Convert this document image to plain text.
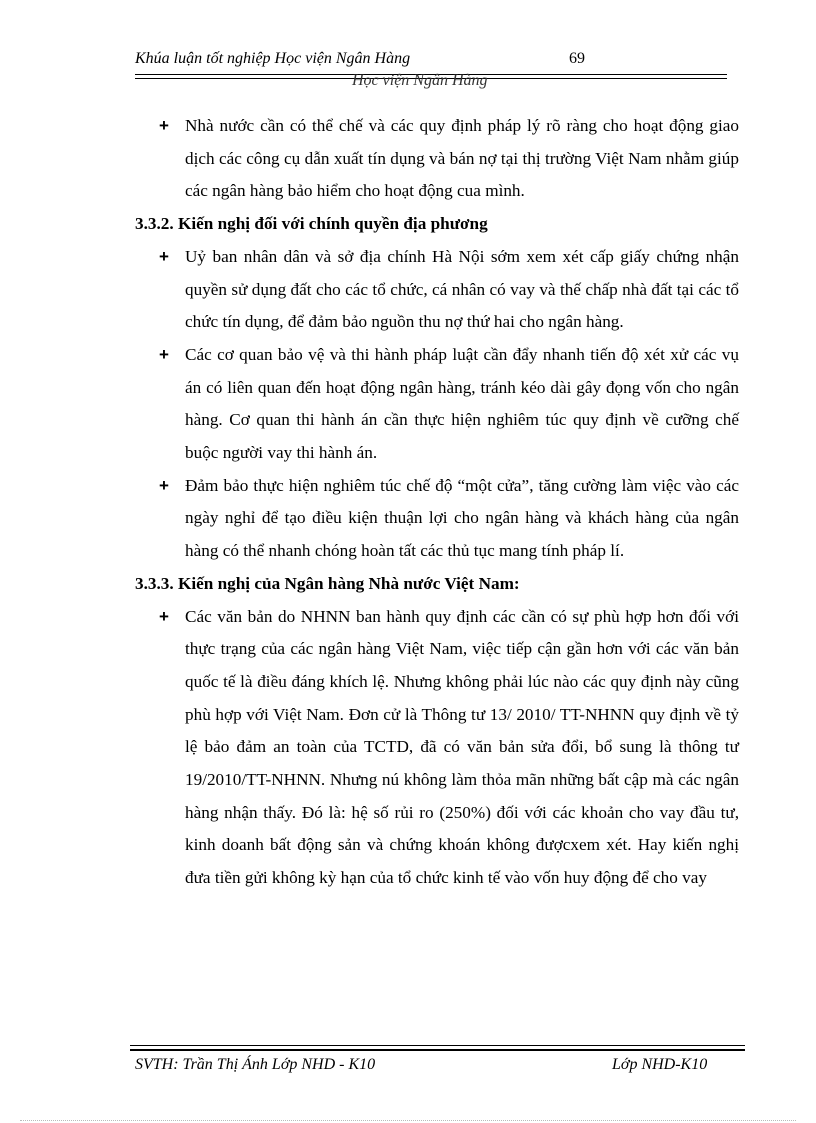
Khúa luận tốt nghiệp Học viện Ngân Hàng	69
Học viện Ngân Hàng
+ Nhà nước cần có thể chế và các quy định pháp lý rõ ràng cho hoạt động giao dịch các công cụ dẫn xuất tín dụng và bán nợ tại thị trường Việt Nam nhằm giúp các ngân hàng bảo hiểm cho hoạt động cua mình.

3.3.2. Kiến nghị đối với chính quyền địa phương
+ Uỷ ban nhân dân và sở địa chính Hà Nội sớm xem xét cấp giấy chứng nhận quyền sử dụng đất cho các tổ chức, cá nhân có vay và thế chấp nhà đất tại các tổ chức tín dụng, để đảm bảo nguồn thu nợ thứ hai cho ngân hàng.

+ Các cơ quan bảo vệ và thi hành pháp luật cần đẩy nhanh tiến độ xét xử các vụ án có liên quan đến hoạt động ngân hàng, tránh kéo dài gây đọng vốn cho ngân hàng. Cơ quan thi hành án cần thực hiện nghiêm túc quy định về cưỡng chế buộc người vay thi hành án.

+ Đảm bảo thực hiện nghiêm túc chế độ “một cửa”, tăng cường làm việc vào các ngày nghỉ để tạo điều kiện thuận lợi cho ngân hàng và khách hàng của ngân hàng có thể nhanh chóng hoàn tất các thủ tục mang tính pháp lí.

3.3.3. Kiến nghị của Ngân hàng Nhà nước Việt Nam:
+ Các văn bản do NHNN ban hành quy định các cần có sự phù hợp hơn đối với thực trạng của các ngân hàng Việt Nam, việc tiếp cận gần hơn với các văn bản quốc tế là điều đáng khích lệ. Nhưng không phải lúc nào các quy định này cũng phù hợp với Việt Nam. Đơn cử là Thông tư 13/ 2010/ TT-NHNN quy định về tỷ lệ bảo đảm an toàn của TCTD, đã có văn bản sửa đổi, bổ sung là thông tư 19/2010/TT-NHNN. Nhưng nú không làm thỏa mãn những bất cập mà các ngân hàng nhận thấy. Đó là: hệ số rủi ro (250%) đối với các khoản cho vay đầu tư, kinh doanh bất động sản và chứng khoán không đượcxem xét. Hay kiến nghị đưa tiền gửi không kỳ hạn của tổ chức kinh tế vào vốn huy động để cho vay

SVTH: Trần Thị Ánh Lớp NHD - K10	Lớp NHD-K10
